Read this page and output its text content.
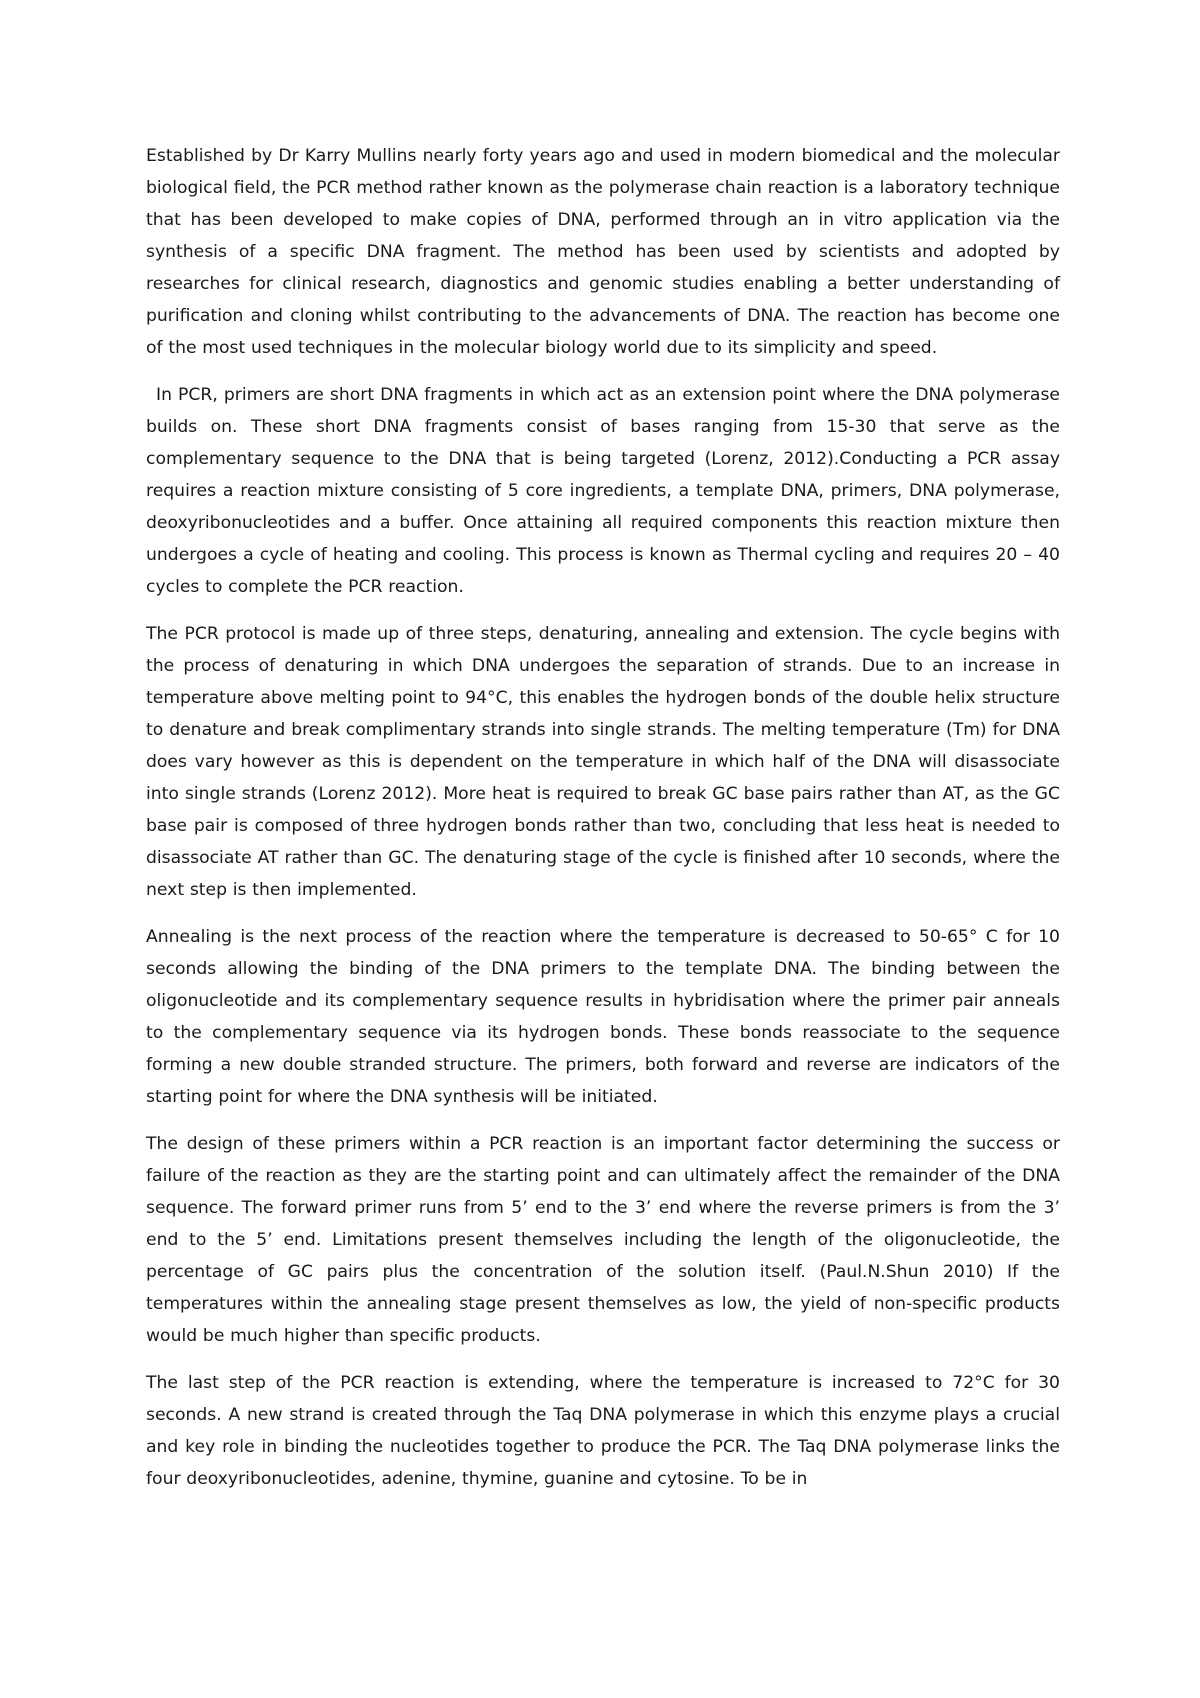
Established by Dr Karry Mullins nearly forty years ago and used in modern biomedical and the molecular biological field, the PCR method rather known as the polymerase chain reaction is a laboratory technique that has been developed to make copies of DNA, performed through an in vitro application via the synthesis of a specific DNA fragment. The method has been used by scientists and adopted by researches for clinical research, diagnostics and genomic studies enabling a better understanding of purification and cloning whilst contributing to the advancements of DNA. The reaction has become one of the most used techniques in the molecular biology world due to its simplicity and speed.

In PCR, primers are short DNA fragments in which act as an extension point where the DNA polymerase builds on. These short DNA fragments consist of bases ranging from 15-30 that serve as the complementary sequence to the DNA that is being targeted (Lorenz, 2012).Conducting a PCR assay requires a reaction mixture consisting of 5 core ingredients, a template DNA, primers, DNA polymerase, deoxyribonucleotides and a buffer. Once attaining all required components this reaction mixture then undergoes a cycle of heating and cooling. This process is known as Thermal cycling and requires 20 – 40 cycles to complete the PCR reaction.

The PCR protocol is made up of three steps, denaturing, annealing and extension. The cycle begins with the process of denaturing in which DNA undergoes the separation of strands. Due to an increase in temperature above melting point to 94°C, this enables the hydrogen bonds of the double helix structure to denature and break complimentary strands into single strands. The melting temperature (Tm) for DNA does vary however as this is dependent on the temperature in which half of the DNA will disassociate into single strands (Lorenz 2012). More heat is required to break GC base pairs rather than AT, as the GC base pair is composed of three hydrogen bonds rather than two, concluding that less heat is needed to disassociate AT rather than GC. The denaturing stage of the cycle is finished after 10 seconds, where the next step is then implemented.

Annealing is the next process of the reaction where the temperature is decreased to 50-65° C for 10 seconds allowing the binding of the DNA primers to the template DNA. The binding between the oligonucleotide and its complementary sequence results in hybridisation where the primer pair anneals to the complementary sequence via its hydrogen bonds. These bonds reassociate to the sequence forming a new double stranded structure. The primers, both forward and reverse are indicators of the starting point for where the DNA synthesis will be initiated.

The design of these primers within a PCR reaction is an important factor determining the success or failure of the reaction as they are the starting point and can ultimately affect the remainder of the DNA sequence. The forward primer runs from 5’ end to the 3’ end where the reverse primers is from the 3’ end to the 5’ end. Limitations present themselves including the length of the oligonucleotide, the percentage of GC pairs plus the concentration of the solution itself. (Paul.N.Shun 2010) If the temperatures within the annealing stage present themselves as low, the yield of non-specific products would be much higher than specific products.

The last step of the PCR reaction is extending, where the temperature is increased to 72°C for 30 seconds. A new strand is created through the Taq DNA polymerase in which this enzyme plays a crucial and key role in binding the nucleotides together to produce the PCR. The Taq DNA polymerase links the four deoxyribonucleotides, adenine, thymine, guanine and cytosine. To be in
